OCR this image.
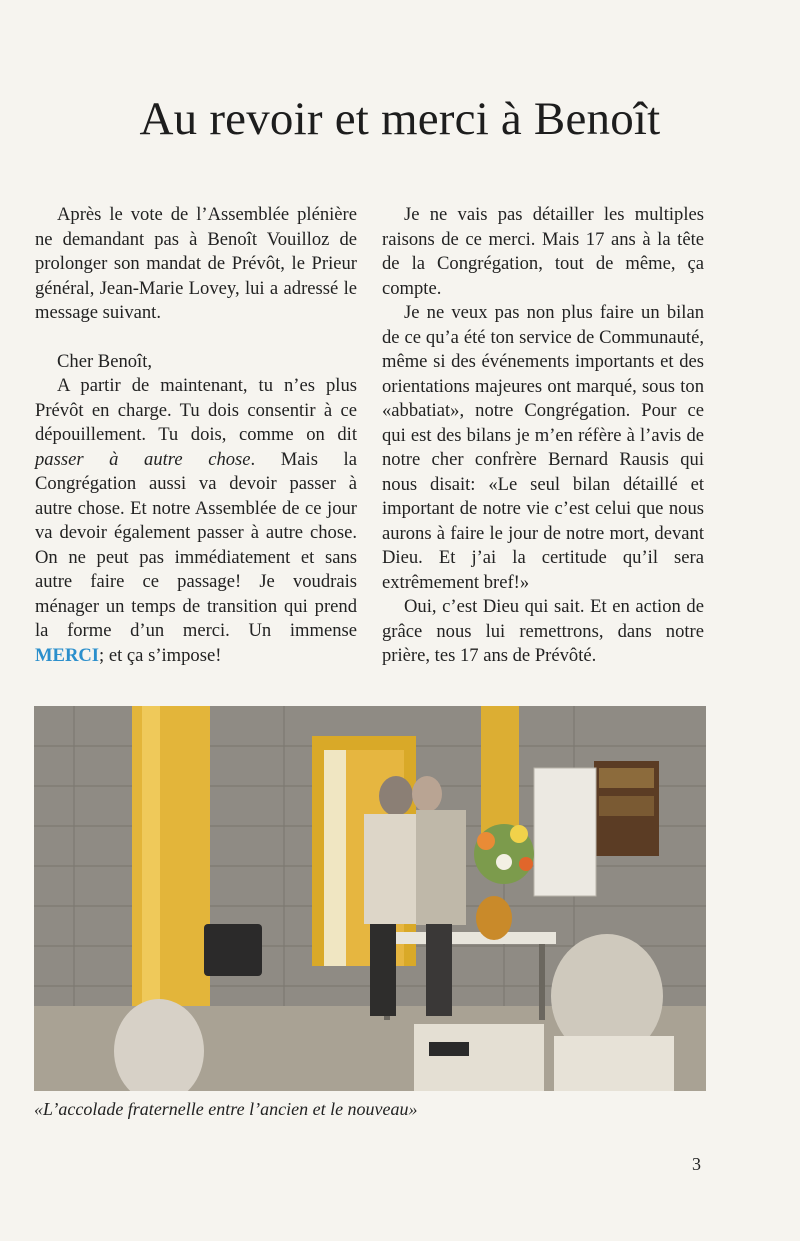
Au revoir et merci à Benoît

Après le vote de l’Assemblée plénière ne demandant pas à Benoît Vouilloz de prolonger son mandat de Prévôt, le Prieur général, Jean-Marie Lovey, lui a adressé le message suivant.

Cher Benoît,

A partir de maintenant, tu n’es plus Prévôt en charge. Tu dois consentir à ce dépouillement. Tu dois, comme on dit passer à autre chose. Mais la Congrégation aussi va devoir passer à autre chose. Et notre Assemblée de ce jour va devoir également passer à autre chose. On ne peut pas immédiatement et sans autre faire ce passage! Je voudrais ménager un temps de transition qui prend la forme d’un merci. Un immense MERCI; et ça s’impose!

Je ne vais pas détailler les multiples raisons de ce merci. Mais 17 ans à la tête de la Congrégation, tout de même, ça compte.

Je ne veux pas non plus faire un bilan de ce qu’a été ton service de Communauté, même si des événements importants et des orientations majeures ont marqué, sous ton «abbatiat», notre Congrégation. Pour ce qui est des bilans je m’en réfère à l’avis de notre cher confrère Bernard Rausis qui nous disait: «Le seul bilan détaillé et important de notre vie c’est celui que nous aurons à faire le jour de notre mort, devant Dieu. Et j’ai la certitude qu’il sera extrêmement bref!»

Oui, c’est Dieu qui sait. Et en action de grâce nous lui remettrons, dans notre prière, tes 17 ans de Prévôté.

«L’accolade fraternelle entre l’ancien et le nouveau»
3
